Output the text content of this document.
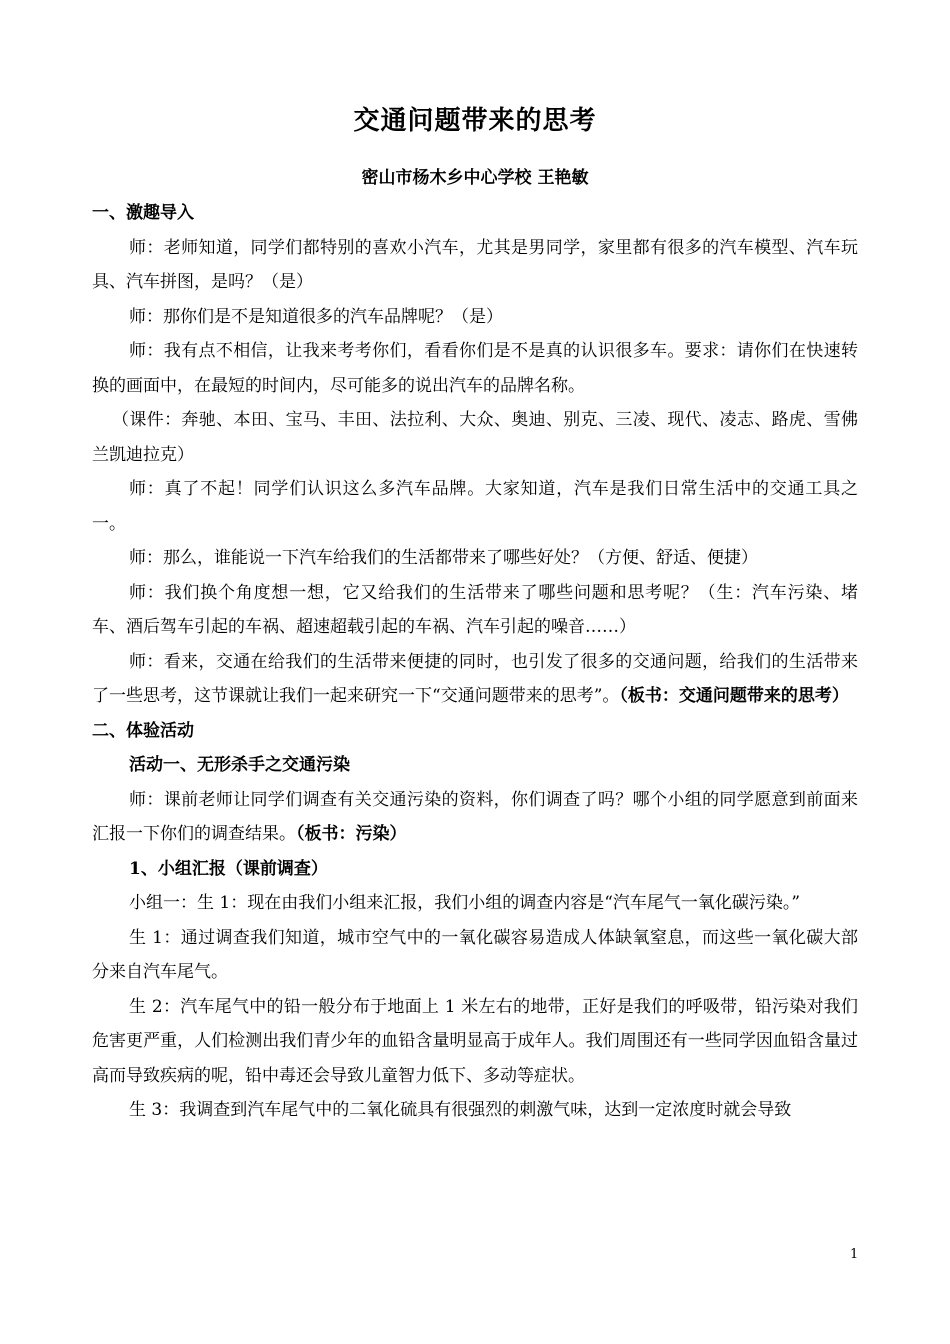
交通问题带来的思考
密山市杨木乡中心学校 王艳敏

一、激趣导入

师：老师知道，同学们都特别的喜欢小汽车，尤其是男同学，家里都有很多的汽车模型、汽车玩具、汽车拼图，是吗？（是）

师：那你们是不是知道很多的汽车品牌呢？（是）

师：我有点不相信，让我来考考你们，看看你们是不是真的认识很多车。要求：请你们在快速转换的画面中，在最短的时间内，尽可能多的说出汽车的品牌名称。

（课件：奔驰、本田、宝马、丰田、法拉利、大众、奥迪、别克、三凌、现代、凌志、路虎、雪佛兰凯迪拉克）

师：真了不起！同学们认识这么多汽车品牌。大家知道，汽车是我们日常生活中的交通工具之一。

师：那么，谁能说一下汽车给我们的生活都带来了哪些好处？（方便、舒适、便捷）

师：我们换个角度想一想，它又给我们的生活带来了哪些问题和思考呢？（生：汽车污染、堵车、酒后驾车引起的车祸、超速超载引起的车祸、汽车引起的噪音……）

师：看来，交通在给我们的生活带来便捷的同时，也引发了很多的交通问题，给我们的生活带来了一些思考，这节课就让我们一起来研究一下“交通问题带来的思考”。（板书：交通问题带来的思考）

二、体验活动

活动一、无形杀手之交通污染

师：课前老师让同学们调查有关交通污染的资料，你们调查了吗？哪个小组的同学愿意到前面来汇报一下你们的调查结果。（板书：污染）

1、小组汇报（课前调查）

小组一：生 1：现在由我们小组来汇报，我们小组的调查内容是“汽车尾气一氧化碳污染。”

生 1：通过调查我们知道，城市空气中的一氧化碳容易造成人体缺氧窒息，而这些一氧化碳大部分来自汽车尾气。

生 2：汽车尾气中的铅一般分布于地面上 1 米左右的地带，正好是我们的呼吸带，铅污染对我们危害更严重，人们检测出我们青少年的血铅含量明显高于成年人。我们周围还有一些同学因血铅含量过高而导致疾病的呢，铅中毒还会导致儿童智力低下、多动等症状。

生 3：我调查到汽车尾气中的二氧化硫具有很强烈的刺激气味，达到一定浓度时就会导致

1
